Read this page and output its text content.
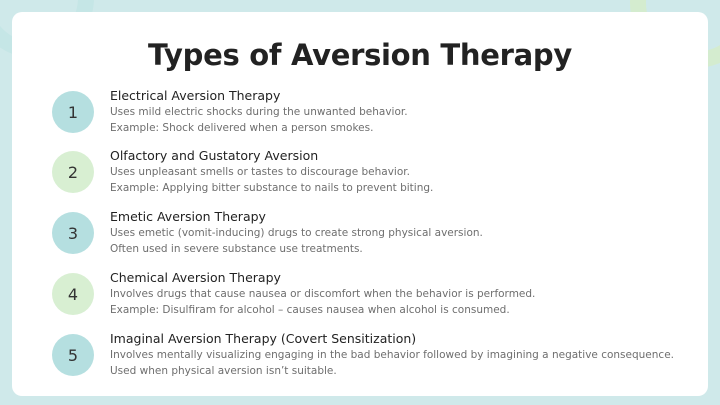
Types of Aversion Therapy
1
Electrical Aversion Therapy
Uses mild electric shocks during the unwanted behavior.
Example: Shock delivered when a person smokes.
2
Olfactory and Gustatory Aversion
Uses unpleasant smells or tastes to discourage behavior.
Example: Applying bitter substance to nails to prevent biting.
3
Emetic Aversion Therapy
Uses emetic (vomit-inducing) drugs to create strong physical aversion.
Often used in severe substance use treatments.
4
Chemical Aversion Therapy
Involves drugs that cause nausea or discomfort when the behavior is performed.
Example: Disulfiram for alcohol – causes nausea when alcohol is consumed.
5
Imaginal Aversion Therapy (Covert Sensitization)
Involves mentally visualizing engaging in the bad behavior followed by imagining a negative consequence.
Used when physical aversion isn’t suitable.
